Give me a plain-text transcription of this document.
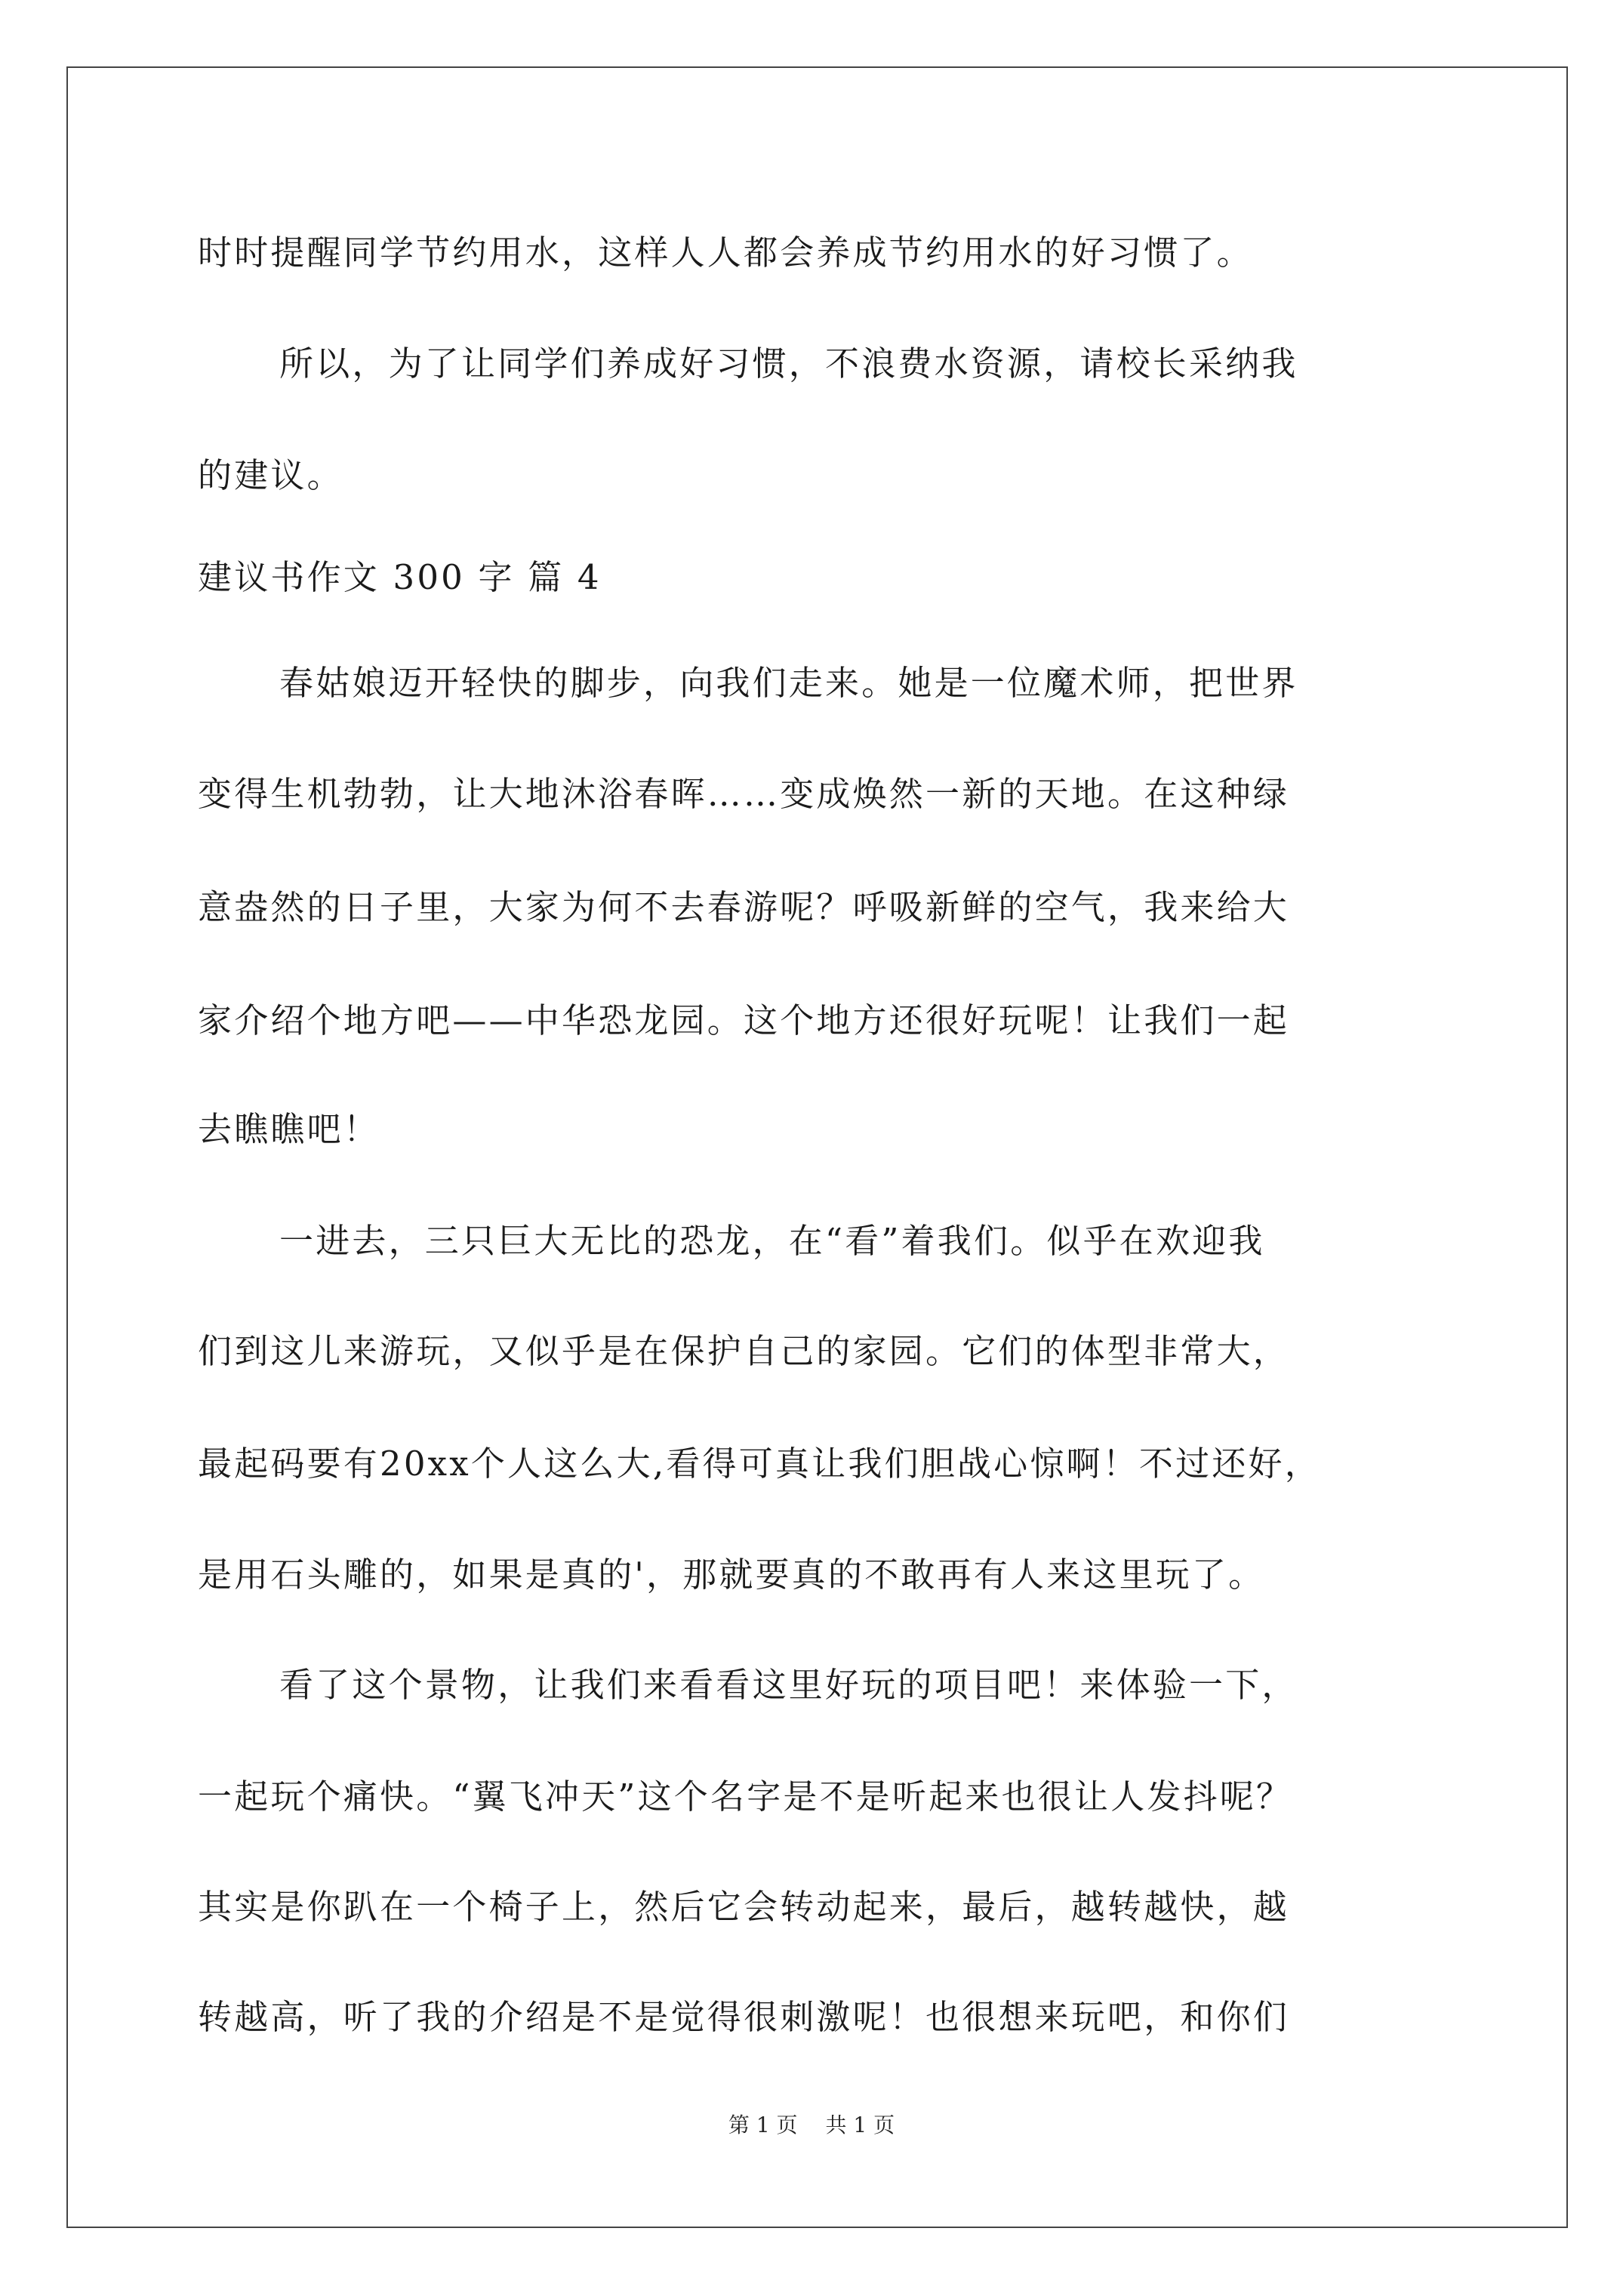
时时提醒同学节约用水，这样人人都会养成节约用水的好习惯了。
所以，为了让同学们养成好习惯，不浪费水资源，请校长采纳我
的建议。
建议书作文 300 字 篇 4
春姑娘迈开轻快的脚步，向我们走来。她是一位魔术师，把世界
变得生机勃勃，让大地沐浴春晖……变成焕然一新的天地。在这种绿
意盎然的日子里，大家为何不去春游呢？呼吸新鲜的空气，我来给大
家介绍个地方吧——中华恐龙园。这个地方还很好玩呢！让我们一起
去瞧瞧吧！
一进去，三只巨大无比的恐龙，在“看”着我们。似乎在欢迎我
们到这儿来游玩，又似乎是在保护自己的家园。它们的体型非常大，
最起码要有20xx个人这么大,看得可真让我们胆战心惊啊！不过还好，
是用石头雕的，如果是真的'，那就要真的不敢再有人来这里玩了。
看了这个景物，让我们来看看这里好玩的项目吧！来体验一下，
一起玩个痛快。“翼飞冲天”这个名字是不是听起来也很让人发抖呢？
其实是你趴在一个椅子上，然后它会转动起来，最后，越转越快，越
转越高，听了我的介绍是不是觉得很刺激呢！也很想来玩吧，和你们
第 1 页 共 1 页
